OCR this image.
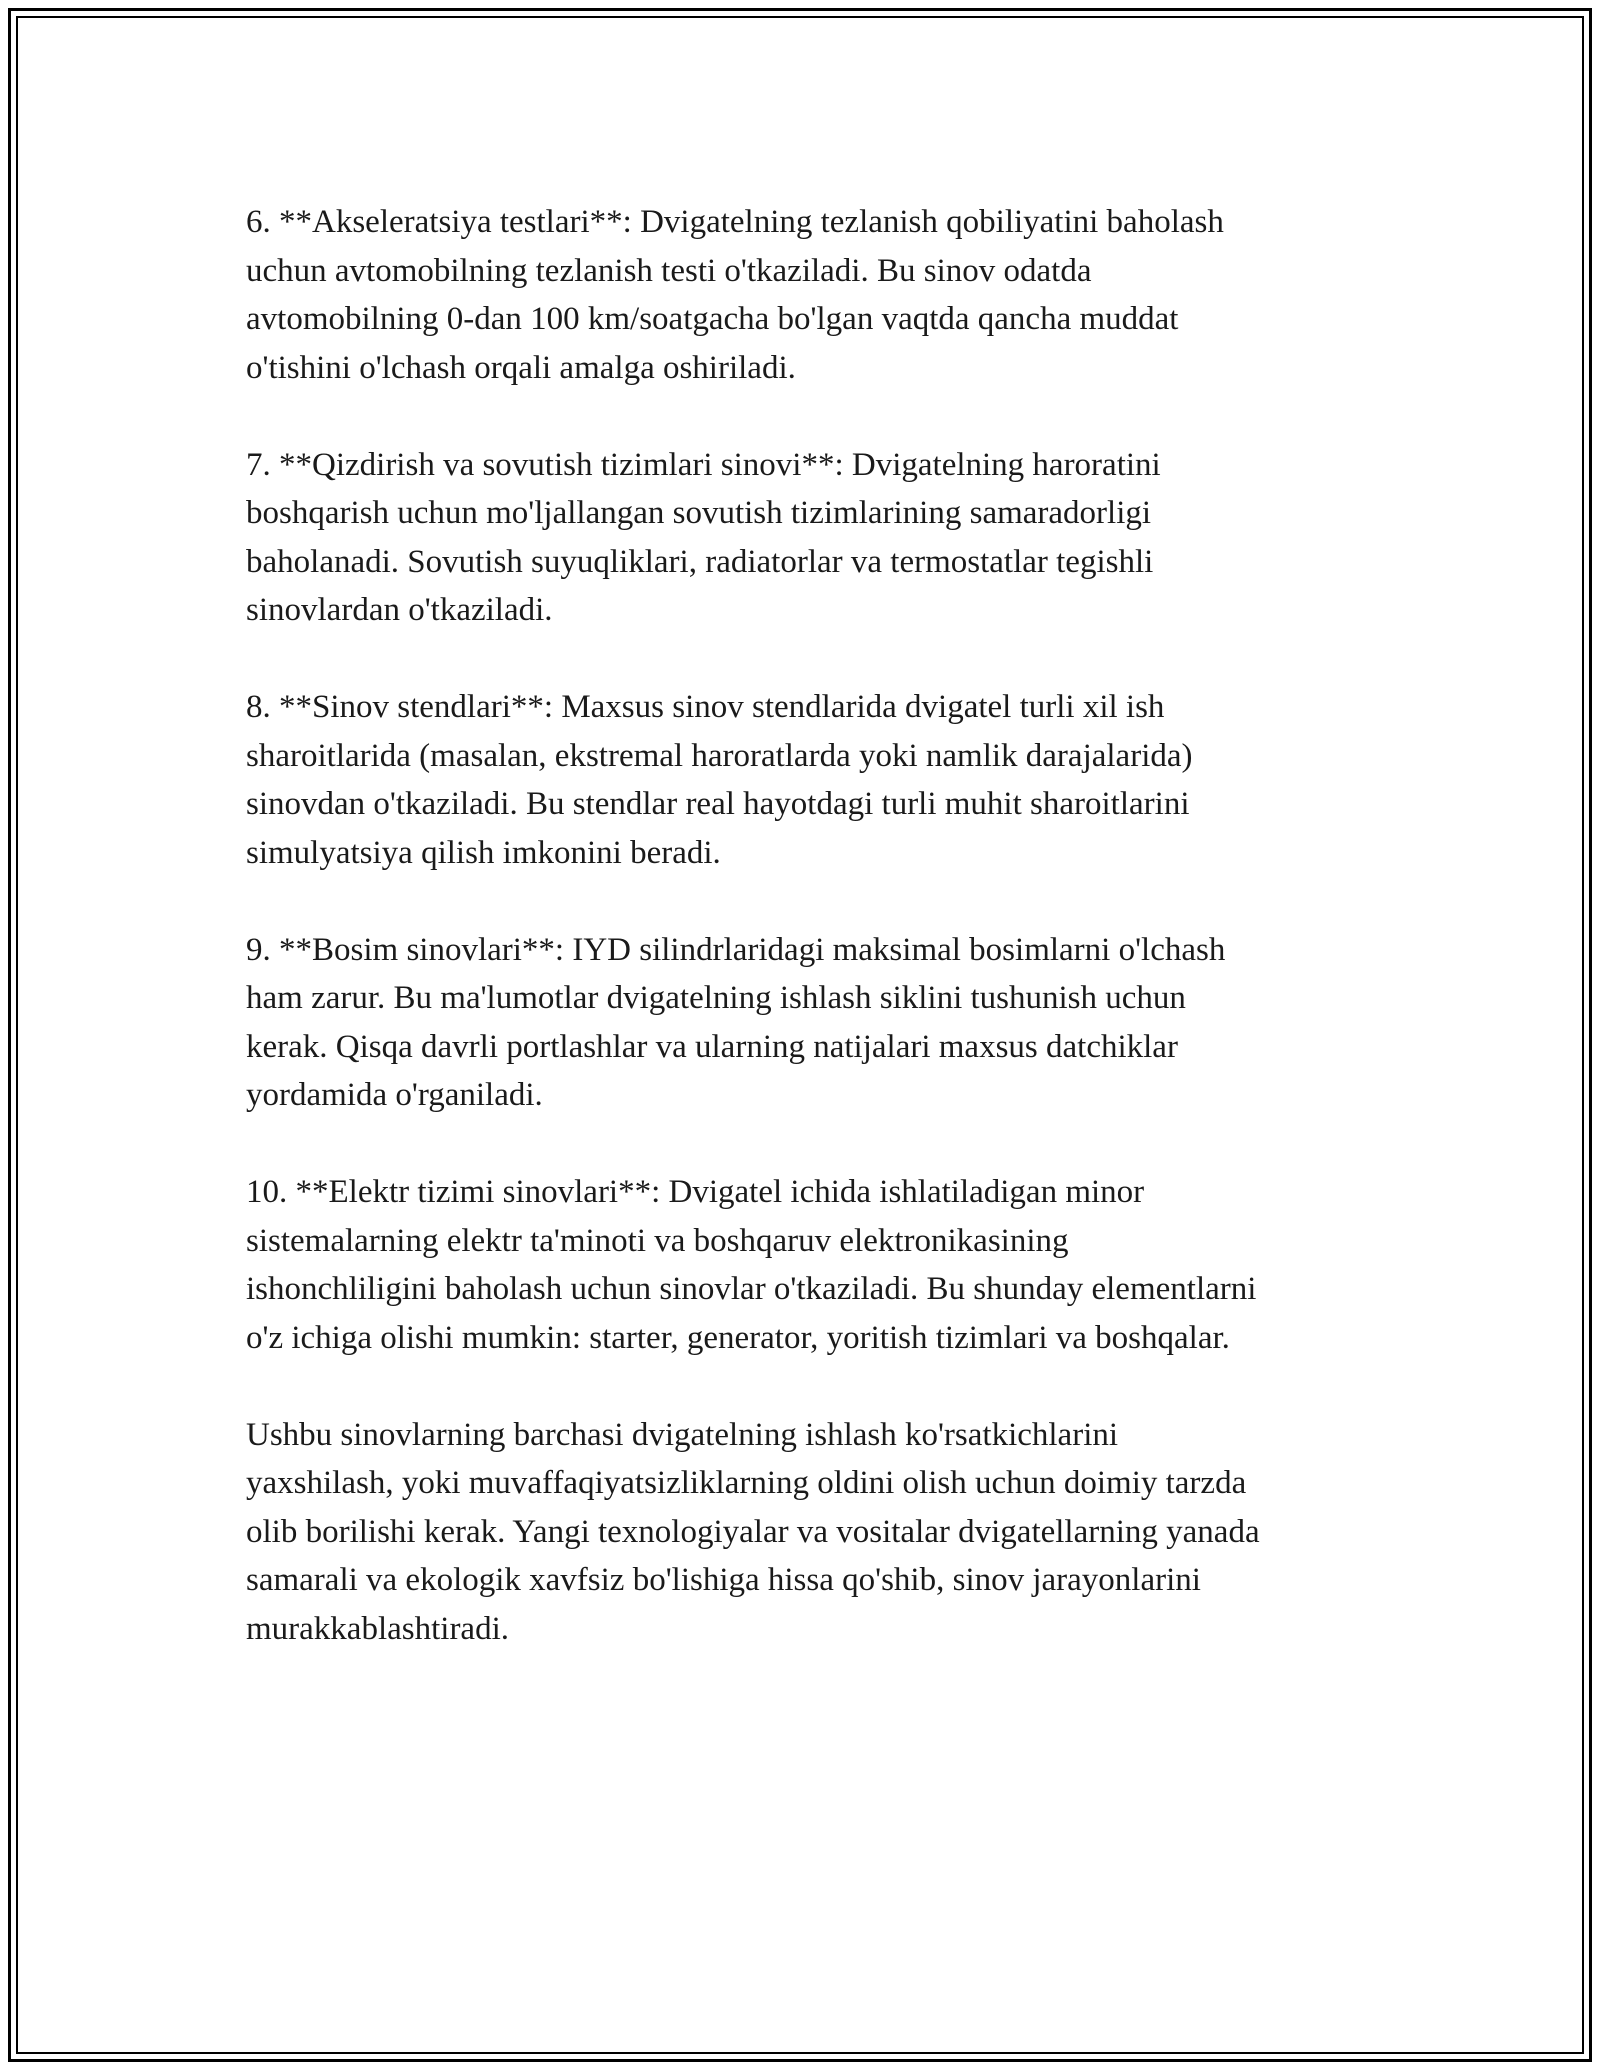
6. **Akseleratsiya testlari**: Dvigatelning tezlanish qobiliyatini baholash
uchun avtomobilning tezlanish testi o'tkaziladi. Bu sinov odatda
avtomobilning 0-dan 100 km/soatgacha bo'lgan vaqtda qancha muddat
o'tishini o'lchash orqali amalga oshiriladi.

7. **Qizdirish va sovutish tizimlari sinovi**: Dvigatelning haroratini
boshqarish uchun mo'ljallangan sovutish tizimlarining samaradorligi
baholanadi. Sovutish suyuqliklari, radiatorlar va termostatlar tegishli
sinovlardan o'tkaziladi.

8. **Sinov stendlari**: Maxsus sinov stendlarida dvigatel turli xil ish
sharoitlarida (masalan, ekstremal haroratlarda yoki namlik darajalarida)
sinovdan o'tkaziladi. Bu stendlar real hayotdagi turli muhit sharoitlarini
simulyatsiya qilish imkonini beradi.

9. **Bosim sinovlari**: IYD silindrlaridagi maksimal bosimlarni o'lchash
ham zarur. Bu ma'lumotlar dvigatelning ishlash siklini tushunish uchun
kerak. Qisqa davrli portlashlar va ularning natijalari maxsus datchiklar
yordamida o'rganiladi.

10. **Elektr tizimi sinovlari**: Dvigatel ichida ishlatiladigan minor
sistemalarning elektr ta'minoti va boshqaruv elektronikasining
ishonchliligini baholash uchun sinovlar o'tkaziladi. Bu shunday elementlarni
o'z ichiga olishi mumkin: starter, generator, yoritish tizimlari va boshqalar.

Ushbu sinovlarning barchasi dvigatelning ishlash ko'rsatkichlarini
yaxshilash, yoki muvaffaqiyatsizliklarning oldini olish uchun doimiy tarzda
olib borilishi kerak. Yangi texnologiyalar va vositalar dvigatellarning yanada
samarali va ekologik xavfsiz bo'lishiga hissa qo'shib, sinov jarayonlarini
murakkablashtiradi.
